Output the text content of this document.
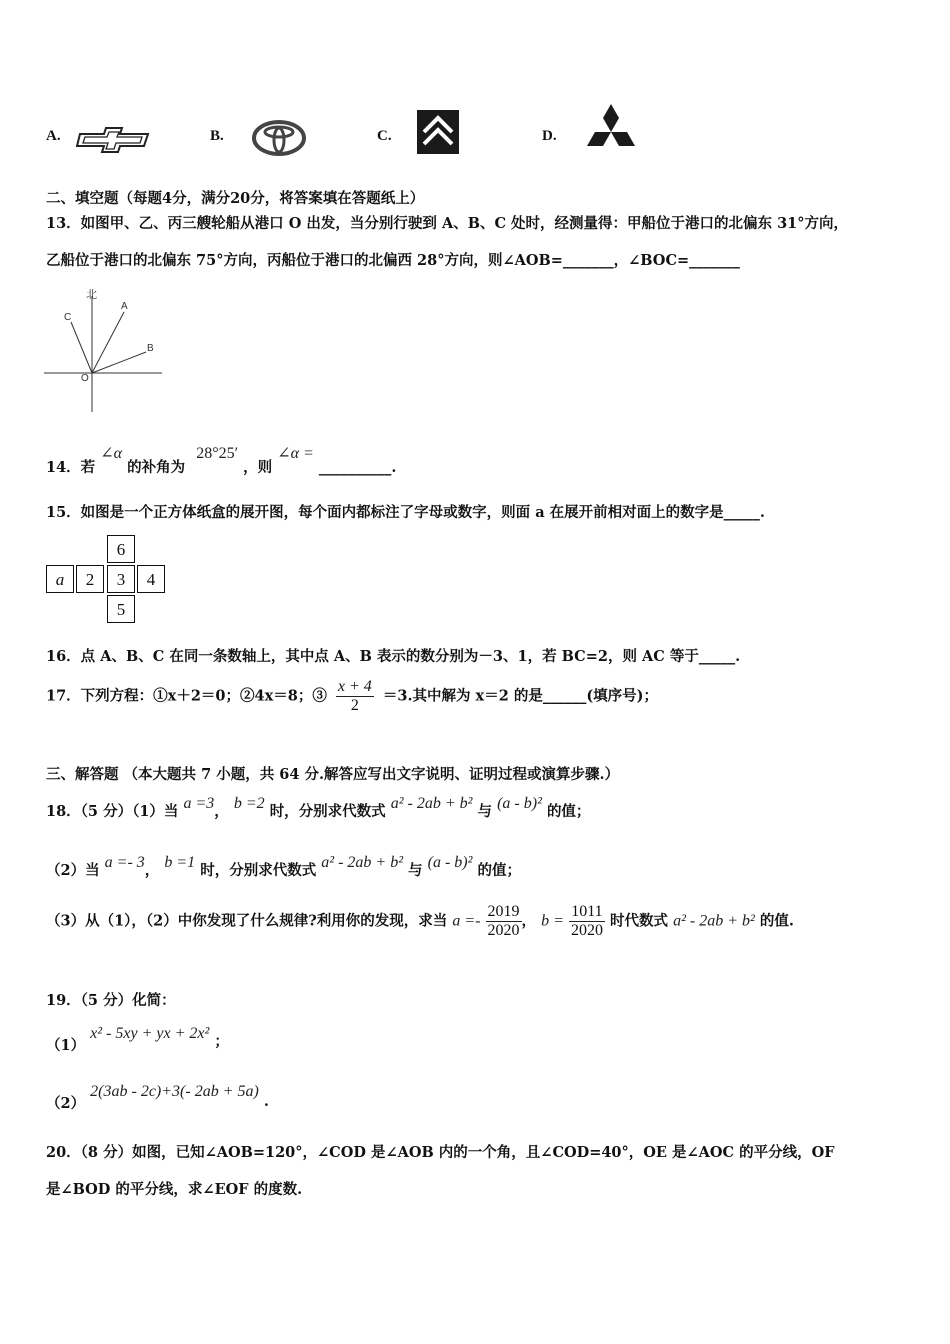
A.	B.	C.	D.
二、填空题（每题4分，满分20分，将答案填在答题纸上）
13．如图甲、乙、丙三艘轮船从港口 O 出发，当分别行驶到 A、B、C 处时，经测量得：甲船位于港口的北偏东 31°方向，
乙船位于港口的北偏东 75°方向，丙船位于港口的北偏西 28°方向，则∠AOB=_______，∠BOC=_______
北
A
B
C
O
14．若 ∠α 的补角为 28°25′ ，则 ∠α = __________.
15．如图是一个正方体纸盒的展开图，每个面内都标注了字母或数字，则面 a 在展开前相对面上的数字是_____.
6
a	2	3	4
5
16．点 A、B、C 在同一条数轴上，其中点 A、B 表示的数分别为－3、1，若 BC=2，则 AC 等于_____.
17．下列方程：①x＋2＝0；②4x＝8；③ $\frac{x + 4}{2} =3$.其中解为 x＝2 的是______(填序号)；
三、解答题 （本大题共 7 小题，共 64 分.解答应写出文字说明、证明过程或演算步骤.）
18．（5 分）（1）当 a =3， b =2 时，分别求代数式 a² - 2ab + b² 与 (a - b)² 的值；
（2）当 a =- 3， b =1 时，分别求代数式 a² - 2ab + b² 与 (a - b)² 的值；
（3）从（1），（2）中你发现了什么规律?利用你的发现，求当 $a =- \frac{2019}{2020}$ ， $b = \frac{1011}{2020}$ 时代数式 a² - 2ab + b² 的值.
19．（5 分）化简：
（1） x² - 5xy + yx + 2x² ；
（2） 2(3ab - 2c)+3(- 2ab + 5a) .
20．（8 分）如图，已知∠AOB=120°，∠COD 是∠AOB 内的一个角，且∠COD=40°，OE 是∠AOC 的平分线，OF
是∠BOD 的平分线，求∠EOF 的度数.
